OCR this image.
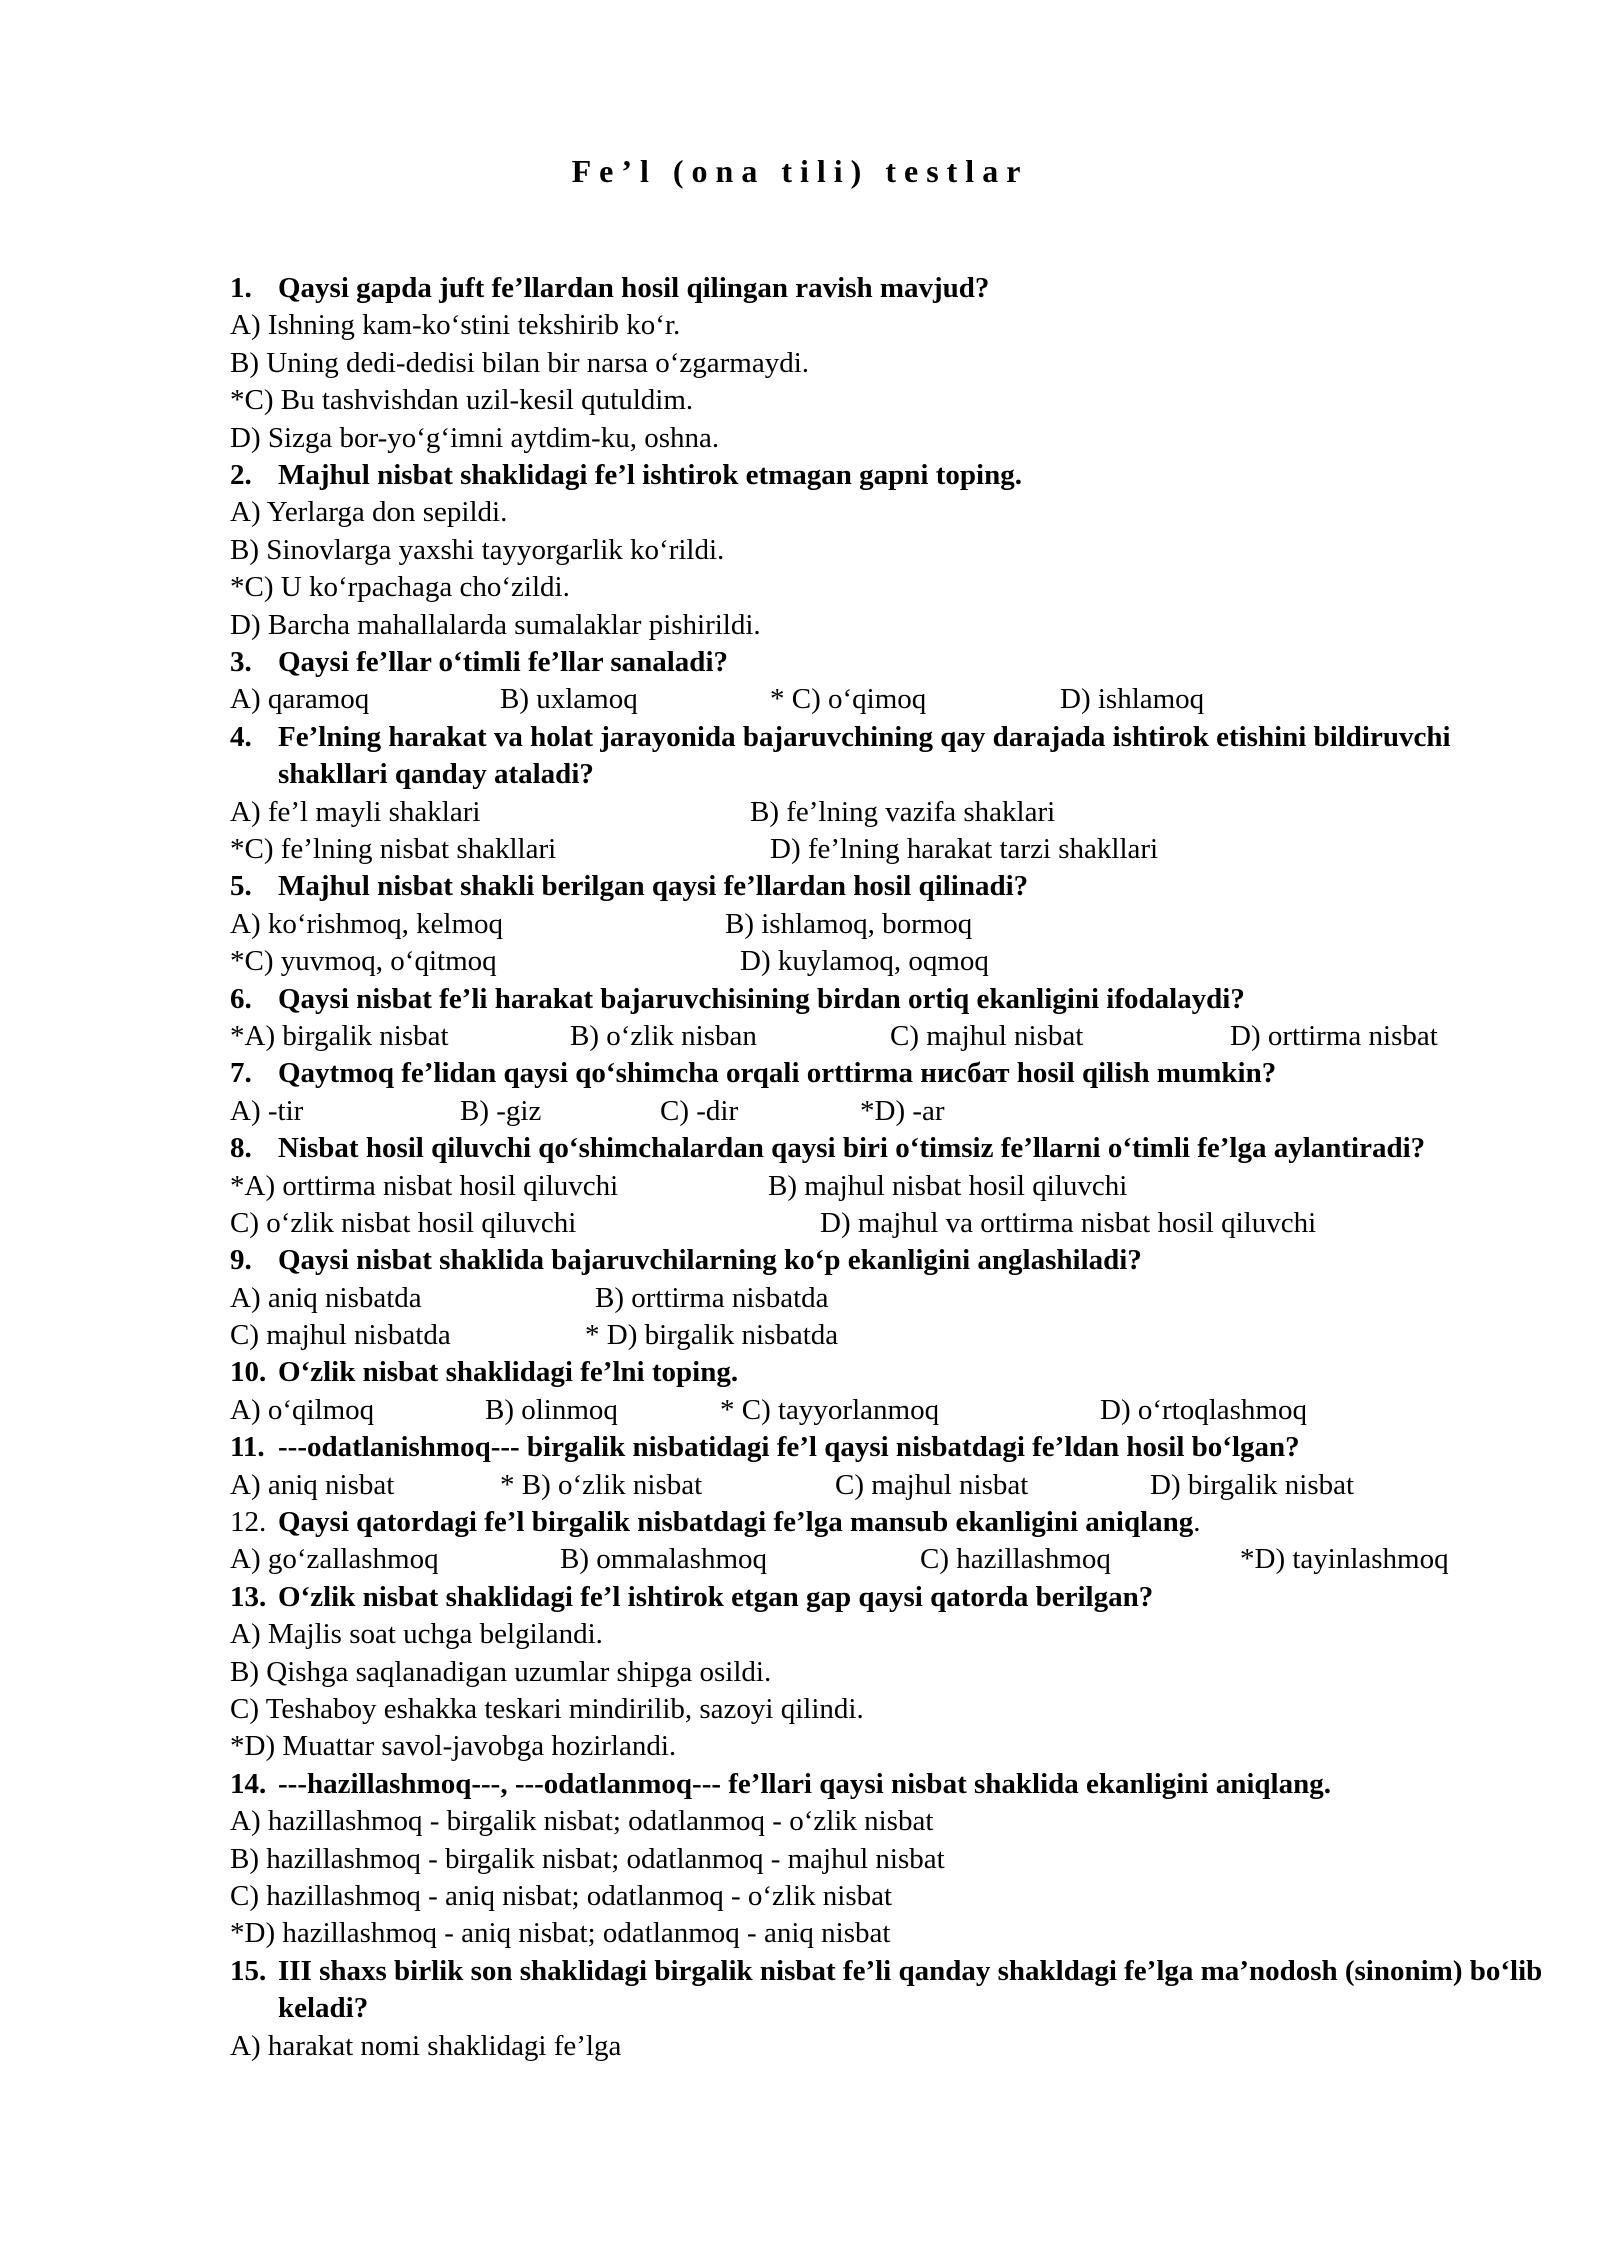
Fe’l (ona tili) testlar
1. Qaysi gapda juft fe’llardan hosil qilingan ravish mavjud?
A) Ishning kam-ko‘stini tekshirib ko‘r.
B) Uning dedi-dedisi bilan bir narsa o‘zgarmaydi.
*C) Bu tashvishdan uzil-kesil qutuldim.
D) Sizga bor-yo‘g‘imni aytdim-ku, oshna.
2. Majhul nisbat shaklidagi fe’l ishtirok etmagan gapni toping.
A) Yerlarga don sepildi.
B) Sinovlarga yaxshi tayyorgarlik ko‘rildi.
*C) U ko‘rpachaga cho‘zildi.
D) Barcha mahallalarda sumalaklar pishirildi.
3. Qaysi fe’llar o‘timli fe’llar sanaladi?
A) qaramoq	B) uxlamoq	* C) o‘qimoq	D) ishlamoq
4. Fe’lning harakat va holat jarayonida bajaruvchining qay darajada ishtirok etishini bildiruvchi shakllari qanday ataladi?
A) fe’l mayli shaklari	B) fe’lning vazifa shaklari
*C) fe’lning nisbat shakllari	D) fe’lning harakat tarzi shakllari
5. Majhul nisbat shakli berilgan qaysi fe’llardan hosil qilinadi?
A) ko‘rishmoq, kelmoq	B) ishlamoq, bormoq
*C) yuvmoq, o‘qitmoq	D) kuylamoq, oqmoq
6. Qaysi nisbat fe’li harakat bajaruvchisining birdan ortiq ekanligini ifodalaydi?
*A) birgalik nisbat	B) o‘zlik nisban	C) majhul nisbat	D) orttirma nisbat
7. Qaytmoq fe’lidan qaysi qo‘shimcha orqali orttirma нисбат hosil qilish mumkin?
A) -tir	B) -giz	C) -dir	*D) -ar
8. Nisbat hosil qiluvchi qo‘shimchalardan qaysi biri o‘timsiz fe’llarni o‘timli fe’lga aylantiradi?
*A) orttirma nisbat hosil qiluvchi	B) majhul nisbat hosil qiluvchi
C) o‘zlik nisbat hosil qiluvchi	D) majhul va orttirma nisbat hosil qiluvchi
9. Qaysi nisbat shaklida bajaruvchilarning ko‘p ekanligini anglashiladi?
A) aniq nisbatda	B) orttirma nisbatda
C) majhul nisbatda	* D) birgalik nisbatda
10. O‘zlik nisbat shaklidagi fe’lni toping.
A) o‘qilmoq	B) olinmoq	* C) tayyorlanmoq	D) o‘rtoqlashmoq
11. ---odatlanishmoq--- birgalik nisbatidagi fe’l qaysi nisbatdagi fe’ldan hosil bo‘lgan?
A) aniq nisbat	* B) o‘zlik nisbat	C) majhul nisbat	D) birgalik nisbat
12. Qaysi qatordagi fe’l birgalik nisbatdagi fe’lga mansub ekanligini aniqlang.
A) go‘zallashmoq	B) ommalashmoq	C) hazillashmoq	*D) tayinlashmoq
13. O‘zlik nisbat shaklidagi fe’l ishtirok etgan gap qaysi qatorda berilgan?
A) Majlis soat uchga belgilandi.
B) Qishga saqlanadigan uzumlar shipga osildi.
C) Teshaboy eshakka teskari mindirilib, sazoyi qilindi.
*D) Muattar savol-javobga hozirlandi.
14. ---hazillashmoq---, ---odatlanmoq--- fe’llari qaysi nisbat shaklida ekanligini aniqlang.
A) hazillashmoq - birgalik nisbat; odatlanmoq - o‘zlik nisbat
B) hazillashmoq - birgalik nisbat; odatlanmoq - majhul nisbat
C) hazillashmoq - aniq nisbat; odatlanmoq - o‘zlik nisbat
*D) hazillashmoq - aniq nisbat; odatlanmoq - aniq nisbat
15. III shaxs birlik son shaklidagi birgalik nisbat fe’li qanday shakldagi fe’lga ma’nodosh (sinonim) bo‘lib keladi?
A) harakat nomi shaklidagi fe’lga
